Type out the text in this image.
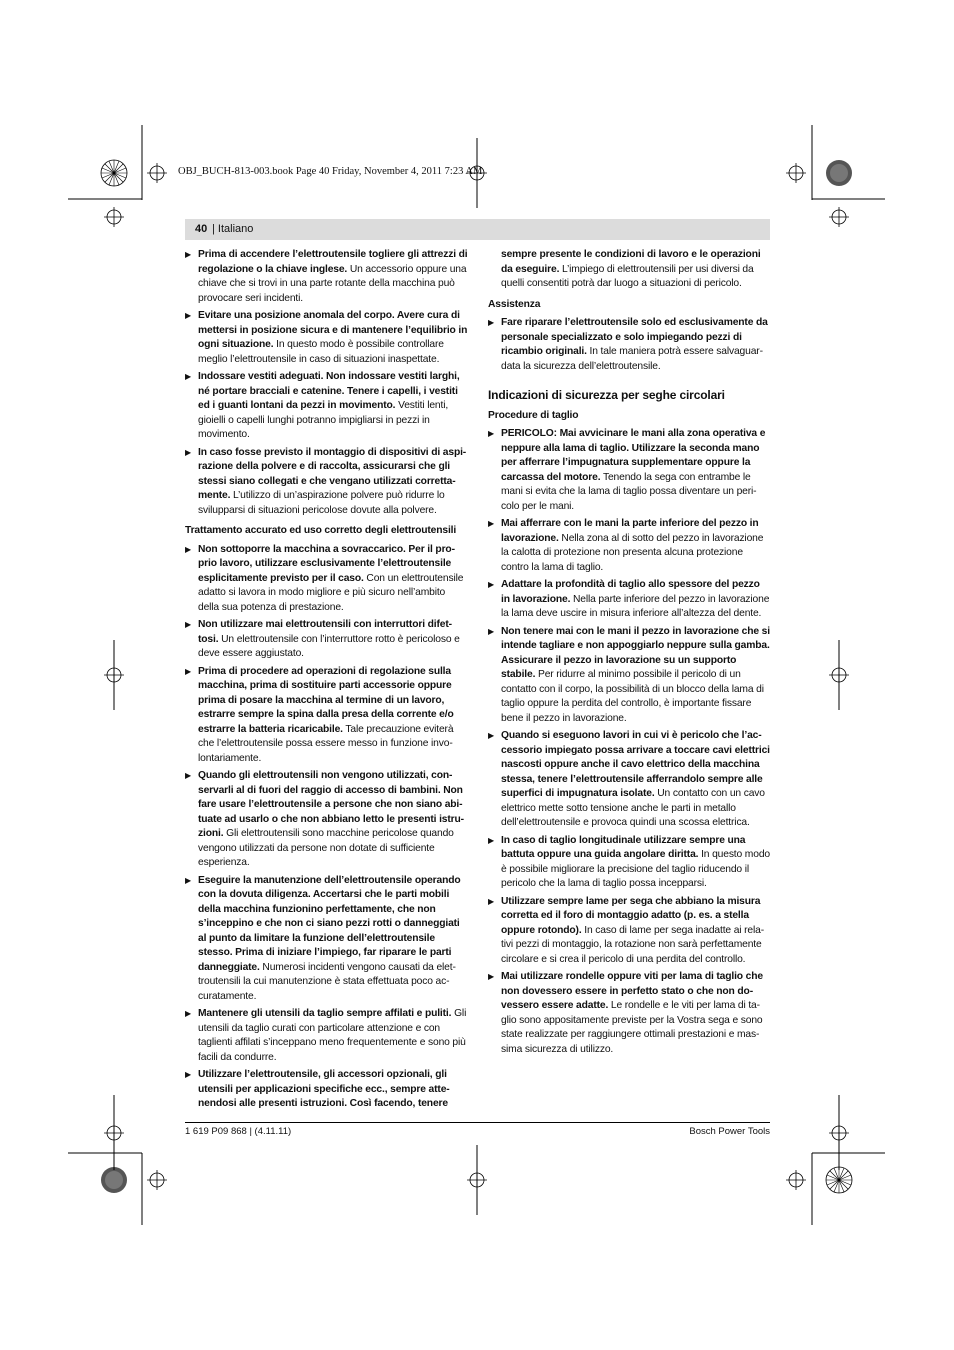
OBJ_BUCH-813-003.book Page 40 Friday, November 4, 2011 7:23 AM
40 | Italiano
▶ Prima di accendere l’elettroutensile togliere gli attrezzi di regolazione o la chiave inglese. Un accessorio oppure una chiave che si trovi in una parte rotante della macchina può provocare seri incidenti.
▶ Evitare una posizione anomala del corpo. Avere cura di mettersi in posizione sicura e di mantenere l’equilibrio in ogni situazione. In questo modo è possibile controllare meglio l’elettroutensile in caso di situazioni inaspettate.
▶ Indossare vestiti adeguati. Non indossare vestiti larghi, né portare bracciali e catenine. Tenere i capelli, i vestiti ed i guanti lontani da pezzi in movimento. Vestiti lenti, gioielli o capelli lunghi potranno impigliarsi in pezzi in movimento.
▶ In caso fosse previsto il montaggio di dispositivi di aspirazione della polvere e di raccolta, assicurarsi che gli stessi siano collegati e che vengano utilizzati correttamente. L’utilizzo di un’aspirazione polvere può ridurre lo svilupparsi di situazioni pericolose dovute alla polvere.
Trattamento accurato ed uso corretto degli elettroutensili
▶ Non sottoporre la macchina a sovraccarico. Per il proprio lavoro, utilizzare esclusivamente l’elettroutensile esplicitamente previsto per il caso. Con un elettroutensile adatto si lavora in modo migliore e più sicuro nell’ambito della sua potenza di prestazione.
▶ Non utilizzare mai elettroutensili con interruttori difettosi. Un elettroutensile con l’interruttore rotto è pericoloso e deve essere aggiustato.
▶ Prima di procedere ad operazioni di regolazione sulla macchina, prima di sostituire parti accessorie oppure prima di posare la macchina al termine di un lavoro, estrarre sempre la spina dalla presa della corrente e/o estrarre la batteria ricaricabile. Tale precauzione eviterà che l’elettroutensile possa essere messo in funzione involontariamente.
▶ Quando gli elettroutensili non vengono utilizzati, conservarli al di fuori del raggio di accesso di bambini. Non fare usare l’elettroutensile a persone che non siano abituate ad usarlo o che non abbiano letto le presenti istruzioni. Gli elettroutensili sono macchine pericolose quando vengono utilizzati da persone non dotate di sufficiente esperienza.
▶ Eseguire la manutenzione dell’elettroutensile operando con la dovuta diligenza. Accertarsi che le parti mobili della macchina funzionino perfettamente, che non s’inceppino e che non ci siano pezzi rotti o danneggiati al punto da limitare la funzione dell’elettroutensile stesso. Prima di iniziare l’impiego, far riparare le parti danneggiate. Numerosi incidenti vengono causati da elettroutensili la cui manutenzione è stata effettuata poco accuratamente.
▶ Mantenere gli utensili da taglio sempre affilati e puliti. Gli utensili da taglio curati con particolare attenzione e con taglienti affilati s’inceppano meno frequentemente e sono più facili da condurre.
▶ Utilizzare l’elettroutensile, gli accessori opzionali, gli utensili per applicazioni specifiche ecc., sempre attenendosi alle presenti istruzioni. Così facendo, tenere
sempre presente le condizioni di lavoro e le operazioni da eseguire. L’impiego di elettroutensili per usi diversi da quelli consentiti potrà dar luogo a situazioni di pericolo.
Assistenza
▶ Fare riparare l’elettroutensile solo ed esclusivamente da personale specializzato e solo impiegando pezzi di ricambio originali. In tale maniera potrà essere salvaguardata la sicurezza dell’elettroutensile.
Indicazioni di sicurezza per seghe circolari
Procedure di taglio
▶ PERICOLO: Mai avvicinare le mani alla zona operativa e neppure alla lama di taglio. Utilizzare la seconda mano per afferrare l’impugnatura supplementare oppure la carcassa del motore. Tenendo la sega con entrambe le mani si evita che la lama di taglio possa diventare un pericolo per le mani.
▶ Mai afferrare con le mani la parte inferiore del pezzo in lavorazione. Nella zona al di sotto del pezzo in lavorazione la calotta di protezione non presenta alcuna protezione contro la lama di taglio.
▶ Adattare la profondità di taglio allo spessore del pezzo in lavorazione. Nella parte inferiore del pezzo in lavorazione la lama deve uscire in misura inferiore all’altezza del dente.
▶ Non tenere mai con le mani il pezzo in lavorazione che si intende tagliare e non appoggiarlo neppure sulla gamba. Assicurare il pezzo in lavorazione su un supporto stabile. Per ridurre al minimo possibile il pericolo di un contatto con il corpo, la possibilità di un blocco della lama di taglio oppure la perdita del controllo, è importante fissare bene il pezzo in lavorazione.
▶ Quando si eseguono lavori in cui vi è pericolo che l’accessorio impiegato possa arrivare a toccare cavi elettrici nascosti oppure anche il cavo elettrico della macchina stessa, tenere l’elettroutensile afferrandolo sempre alle superfici di impugnatura isolate. Un contatto con un cavo elettrico mette sotto tensione anche le parti in metallo dell’elettroutensile e provoca quindi una scossa elettrica.
▶ In caso di taglio longitudinale utilizzare sempre una battuta oppure una guida angolare diritta. In questo modo è possibile migliorare la precisione del taglio riducendo il pericolo che la lama di taglio possa incepparsi.
▶ Utilizzare sempre lame per sega che abbiano la misura corretta ed il foro di montaggio adatto (p. es. a stella oppure rotondo). In caso di lame per sega inadatte ai relativi pezzi di montaggio, la rotazione non sarà perfettamente circolare e si crea il pericolo di una perdita del controllo.
▶ Mai utilizzare rondelle oppure viti per lama di taglio che non dovessero essere in perfetto stato o che non dovessero essere adatte. Le rondelle e le viti per lama di taglio sono appositamente previste per la Vostra sega e sono state realizzate per raggiungere ottimali prestazioni e massima sicurezza di utilizzo.
1 619 P09 868 | (4.11.11)	Bosch Power Tools
